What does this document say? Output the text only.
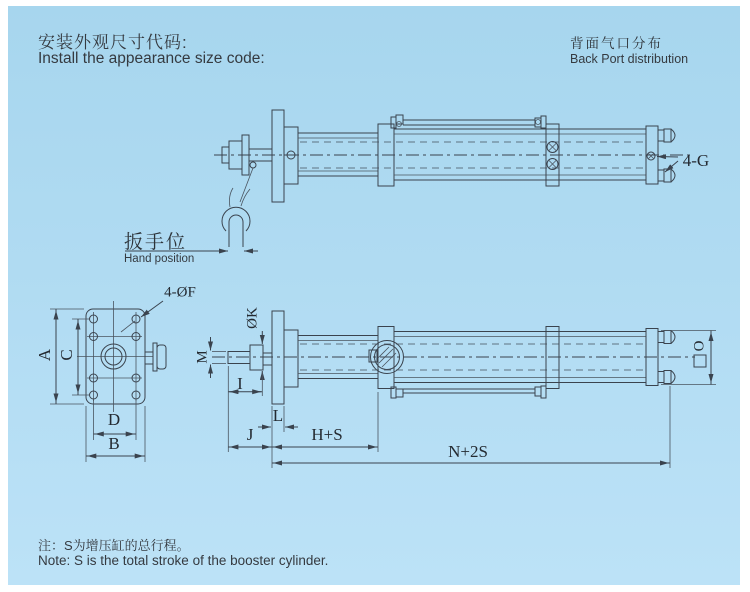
安装外观尺寸代码:
Install the appearance size code:
背面气口分布
Back Port distribution
扳手位
Hand position
4-G
4-ØF
A C
D
B
M
ØK
I
L
J	H+S
N+2S
O
注：S为增压缸的总行程。
Note: S is the total stroke of the booster cylinder.
